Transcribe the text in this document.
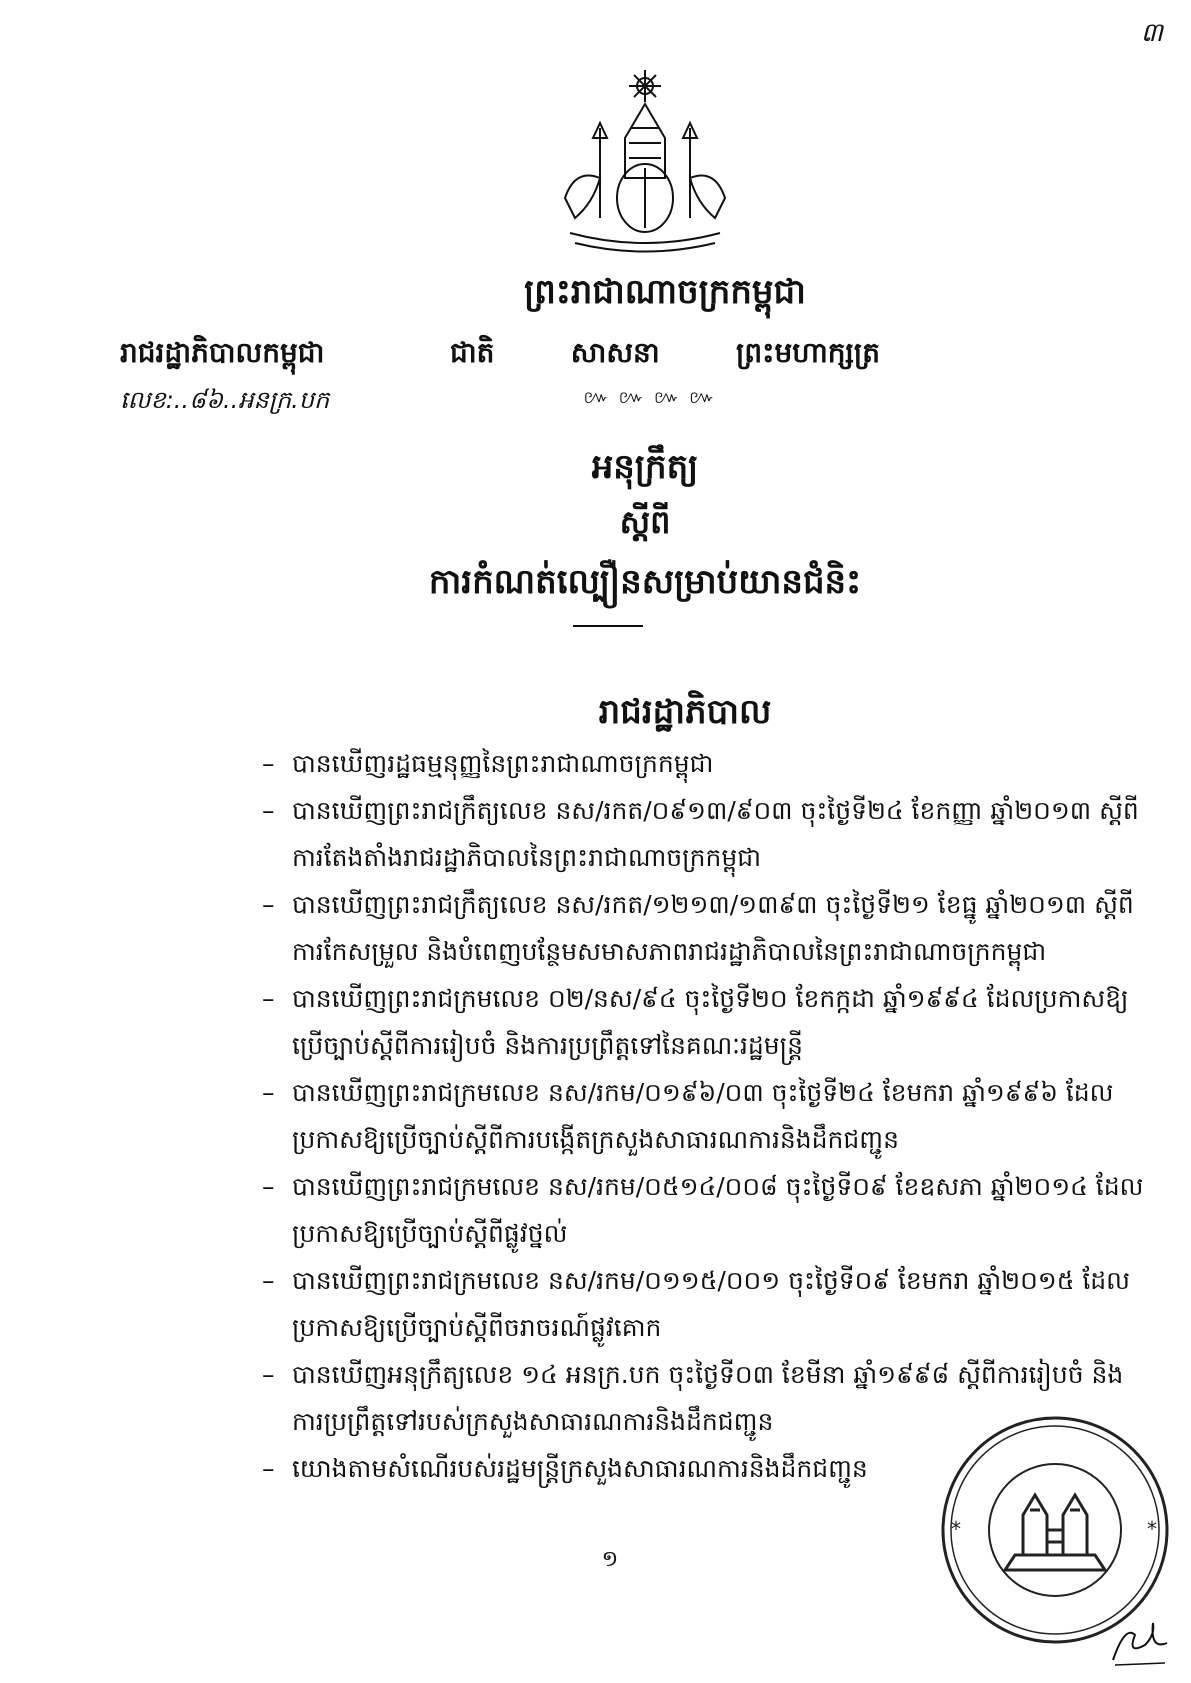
៣
ព្រះរាជាណាចក្រកម្ពុជា
ជាតិ	សាសនា	ព្រះមហាក្សត្រ
៚ ៚ ៚ ៚
រាជរដ្ឋាភិបាលកម្ពុជា
លេខ:..៨៦..អនក្រ.បក
អនុក្រឹត្យ
ស្តីពី
ការកំណត់ល្បឿនសម្រាប់យានជំនិះ
រាជរដ្ឋាភិបាល
– បានឃើញរដ្ឋធម្មនុញ្ញនៃព្រះរាជាណាចក្រកម្ពុជា
– បានឃើញព្រះរាជក្រឹត្យលេខ នស/រកត/០៩១៣/៩០៣ ចុះថ្ងៃទី២៤ ខែកញ្ញា ឆ្នាំ២០១៣ ស្តីពីការតែងតាំងរាជរដ្ឋាភិបាលនៃព្រះរាជាណាចក្រកម្ពុជា
– បានឃើញព្រះរាជក្រឹត្យលេខ នស/រកត/១២១៣/១៣៩៣ ចុះថ្ងៃទី២១ ខែធ្នូ ឆ្នាំ២០១៣ ស្តីពីការកែសម្រួល និងបំពេញបន្ថែមសមាសភាពរាជរដ្ឋាភិបាលនៃព្រះរាជាណាចក្រកម្ពុជា
– បានឃើញព្រះរាជក្រមលេខ ០២/នស/៩៤ ចុះថ្ងៃទី២០ ខែកក្កដា ឆ្នាំ១៩៩៤ ដែលប្រកាសឱ្យប្រើច្បាប់ស្តីពីការរៀបចំ និងការប្រព្រឹត្តទៅនៃគណៈរដ្ឋមន្ត្រី
– បានឃើញព្រះរាជក្រមលេខ នស/រកម/០១៩៦/០៣ ចុះថ្ងៃទី២៤ ខែមករា ឆ្នាំ១៩៩៦ ដែលប្រកាសឱ្យប្រើច្បាប់ស្តីពីការបង្កើតក្រសួងសាធារណការនិងដឹកជញ្ជូន
– បានឃើញព្រះរាជក្រមលេខ នស/រកម/០៥១៤/០០៨ ចុះថ្ងៃទី០៩ ខែឧសភា ឆ្នាំ២០១៤ ដែលប្រកាសឱ្យប្រើច្បាប់ស្តីពីផ្លូវថ្នល់
– បានឃើញព្រះរាជក្រមលេខ នស/រកម/០១១៥/០០១ ចុះថ្ងៃទី០៩ ខែមករា ឆ្នាំ២០១៥ ដែលប្រកាសឱ្យប្រើច្បាប់ស្តីពីចរាចរណ៍ផ្លូវគោក
– បានឃើញអនុក្រឹត្យលេខ ១៤ អនក្រ.បក ចុះថ្ងៃទី០៣ ខែមីនា ឆ្នាំ១៩៩៨ ស្តីពីការរៀបចំ និងការប្រព្រឹត្តទៅរបស់ក្រសួងសាធារណការនិងដឹកជញ្ជូន
– យោងតាមសំណើរបស់រដ្ឋមន្ត្រីក្រសួងសាធារណការនិងដឹកជញ្ជូន
១
*	*
